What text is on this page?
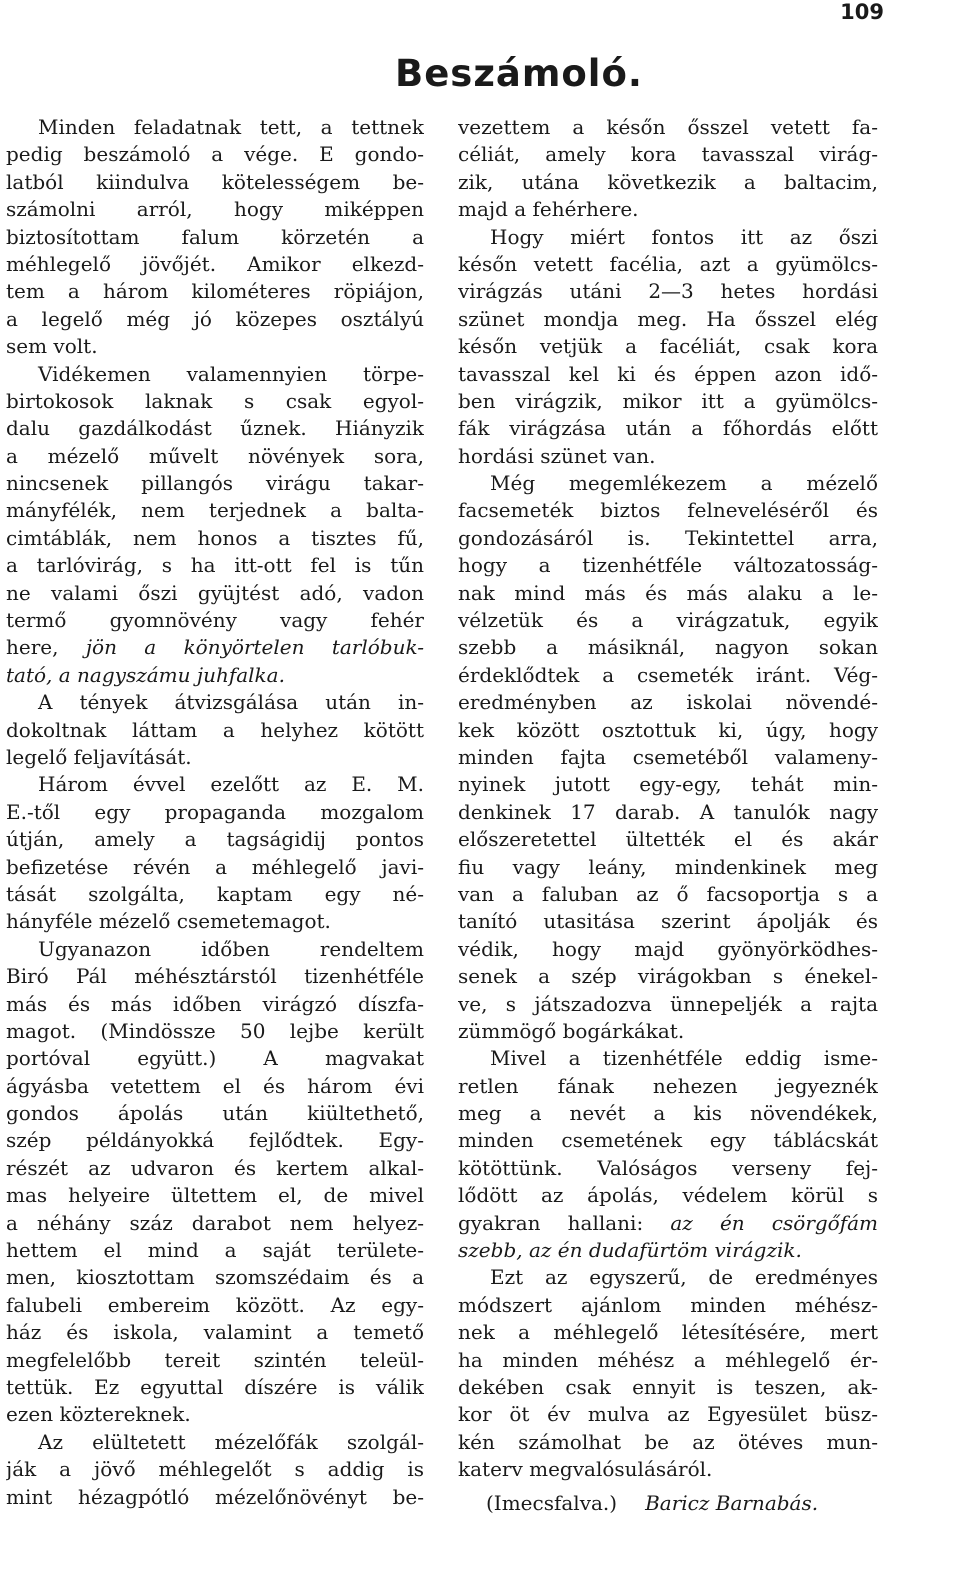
109
Beszámoló.
Minden feladatnak tett, a tettnek
pedig beszámoló a vége. E gondo-
latból kiindulva kötelességem be-
számolni arról, hogy miképpen
biztosítottam falum körzetén a
méhlegelő jövőjét. Amikor elkezd-
tem a három kilométeres röpiájon,
a legelő még jó közepes osztályú
sem volt.
Vidékemen valamennyien törpe-
birtokosok laknak s csak egyol-
dalu gazdálkodást űznek. Hiányzik
a mézelő művelt növények sora,
nincsenek pillangós virágu takar-
mányfélék, nem terjednek a balta-
cimtáblák, nem honos a tisztes fű,
a tarlóvirág, s ha itt-ott fel is tűn
ne valami őszi gyüjtést adó, vadon
termő gyomnövény vagy fehér
here, jön a könyörtelen tarlóbuk-
tató, a nagyszámu juhfalka.
A tények átvizsgálása után in-
dokoltnak láttam a helyhez kötött
legelő feljavítását.
Három évvel ezelőtt az E. M.
E.-től egy propaganda mozgalom
útján, amely a tagságidij pontos
befizetése révén a méhlegelő javi-
tását szolgálta, kaptam egy né-
hányféle mézelő csemetemagot.
Ugyanazon időben rendeltem
Biró Pál méhésztárstól tizenhétféle
más és más időben virágzó díszfa-
magot. (Mindössze 50 lejbe került
portóval együtt.) A magvakat
ágyásba vetettem el és három évi
gondos ápolás után kiültethető,
szép példányokká fejlődtek. Egy-
részét az udvaron és kertem alkal-
mas helyeire ültettem el, de mivel
a néhány száz darabot nem helyez-
hettem el mind a saját területe-
men, kiosztottam szomszédaim és a
falubeli embereim között. Az egy-
ház és iskola, valamint a temető
megfelelőbb tereit szintén teleül-
tettük. Ez egyuttal díszére is válik
ezen köztereknek.
Az elültetett mézelőfák szolgál-
ják a jövő méhlegelőt s addig is
mint hézagpótló mézelőnövényt be-
vezettem a későn ősszel vetett fa-
céliát, amely kora tavasszal virág-
zik, utána következik a baltacim,
majd a fehérhere.
Hogy miért fontos itt az őszi
későn vetett facélia, azt a gyümölcs-
virágzás utáni 2—3 hetes hordási
szünet mondja meg. Ha ősszel elég
későn vetjük a facéliát, csak kora
tavasszal kel ki és éppen azon idő-
ben virágzik, mikor itt a gyümölcs-
fák virágzása után a főhordás előtt
hordási szünet van.
Még megemlékezem a mézelő
facsemeték biztos felneveléséről és
gondozásáról is. Tekintettel arra,
hogy a tizenhétféle változatosság-
nak mind más és más alaku a le-
vélzetük és a virágzatuk, egyik
szebb a másiknál, nagyon sokan
érdeklődtek a csemeték iránt. Vég-
eredményben az iskolai növendé-
kek között osztottuk ki, úgy, hogy
minden fajta csemetéből valameny-
nyinek jutott egy-egy, tehát min-
denkinek 17 darab. A tanulók nagy
előszeretettel ültették el és akár
fiu vagy leány, mindenkinek meg
van a faluban az ő facsoportja s a
tanító utasitása szerint ápolják és
védik, hogy majd gyönyörködhes-
senek a szép virágokban s énekel-
ve, s játszadozva ünnepeljék a rajta
zümmögő bogárkákat.
Mivel a tizenhétféle eddig isme-
retlen fának nehezen jegyeznék
meg a nevét a kis növendékek,
minden csemetének egy táblácskát
kötöttünk. Valóságos verseny fej-
lődött az ápolás, védelem körül s
gyakran hallani: az én csörgőfám
szebb, az én dudafürtöm virágzik.
Ezt az egyszerű, de eredményes
módszert ajánlom minden méhész-
nek a méhlegelő létesítésére, mert
ha minden méhész a méhlegelő ér-
dekében csak ennyit is teszen, ak-
kor öt év mulva az Egyesület büsz-
kén számolhat be az ötéves mun-
katerv megvalósulásáról.
(Imecsfalva.) Baricz Barnabás.
